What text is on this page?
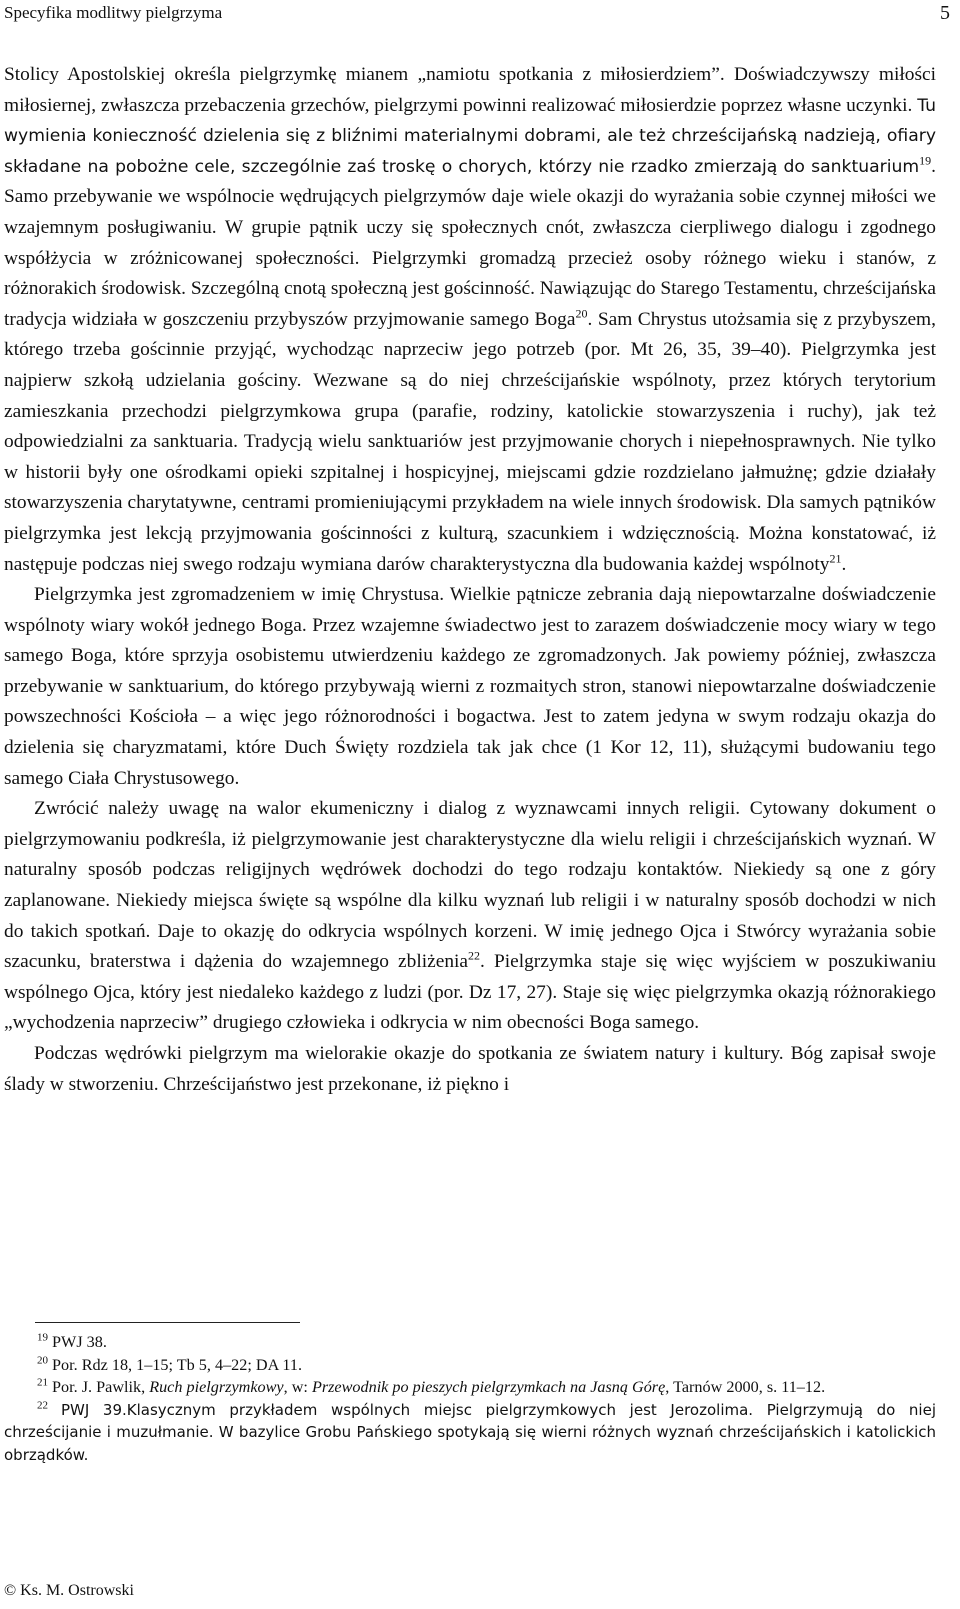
Specyfika modlitwy pielgrzyma	5

Stolicy Apostolskiej określa pielgrzymkę mianem „namiotu spotkania z miłosierdziem”. Doświadczywszy miłości miłosiernej, zwłaszcza przebaczenia grzechów, pielgrzymi powinni realizować miłosierdzie poprzez własne uczynki. Tu wymienia konieczność dzielenia się z bliźnimi materialnymi dobrami, ale też chrześcijańską nadzieją, ofiary składane na pobożne cele, szczególnie zaś troskę o chorych, którzy nie rzadko zmierzają do sanktuarium$^{19}$. Samo przebywanie we wspólnocie wędrujących pielgrzymów daje wiele okazji do wyrażania sobie czynnej miłości we wzajemnym posługiwaniu. W grupie pątnik uczy się społecznych cnót, zwłaszcza cierpliwego dialogu i zgodnego współżycia w zróżnicowanej społeczności. Pielgrzymki gromadzą przecież osoby różnego wieku i stanów, z różnorakich środowisk. Szczególną cnotą społeczną jest gościnność. Nawiązując do Starego Testamentu, chrześcijańska tradycja widziała w goszczeniu przybyszów przyjmowanie samego Boga$^{20}$. Sam Chrystus utożsamia się z przybyszem, którego trzeba gościnnie przyjąć, wychodząc naprzeciw jego potrzeb (por. Mt 26, 35, 39–40). Pielgrzymka jest najpierw szkołą udzielania gościny. Wezwane są do niej chrześcijańskie wspólnoty, przez których terytorium zamieszkania przechodzi pielgrzymkowa grupa (parafie, rodziny, katolickie stowarzyszenia i ruchy), jak też odpowiedzialni za sanktuaria. Tradycją wielu sanktuariów jest przyjmowanie chorych i niepełnosprawnych. Nie tylko w historii były one ośrodkami opieki szpitalnej i hospicyjnej, miejscami gdzie rozdzielano jałmużnę; gdzie działały stowarzyszenia charytatywne, centrami promieniującymi przykładem na wiele innych środowisk. Dla samych pątników pielgrzymka jest lekcją przyjmowania gościnności z kulturą, szacunkiem i wdzięcznością. Można konstatować, iż następuje podczas niej swego rodzaju wymiana darów charakterystyczna dla budowania każdej wspólnoty$^{21}$.

Pielgrzymka jest zgromadzeniem w imię Chrystusa. Wielkie pątnicze zebrania dają niepowtarzalne doświadczenie wspólnoty wiary wokół jednego Boga. Przez wzajemne świadectwo jest to zarazem doświadczenie mocy wiary w tego samego Boga, które sprzyja osobistemu utwierdzeniu każdego ze zgromadzonych. Jak powiemy później, zwłaszcza przebywanie w sanktuarium, do którego przybywają wierni z rozmaitych stron, stanowi niepowtarzalne doświadczenie powszechności Kościoła – a więc jego różnorodności i bogactwa. Jest to zatem jedyna w swym rodzaju okazja do dzielenia się charyzmatami, które Duch Święty rozdziela tak jak chce (1 Kor 12, 11), służącymi budowaniu tego samego Ciała Chrystusowego.

Zwrócić należy uwagę na walor ekumeniczny i dialog z wyznawcami innych religii. Cytowany dokument o pielgrzymowaniu podkreśla, iż pielgrzymowanie jest charakterystyczne dla wielu religii i chrześcijańskich wyznań. W naturalny sposób podczas religijnych wędrówek dochodzi do tego rodzaju kontaktów. Niekiedy są one z góry zaplanowane. Niekiedy miejsca święte są wspólne dla kilku wyznań lub religii i w naturalny sposób dochodzi w nich do takich spotkań. Daje to okazję do odkrycia wspólnych korzeni. W imię jednego Ojca i Stwórcy wyrażania sobie szacunku, braterstwa i dążenia do wzajemnego zbliżenia$^{22}$. Pielgrzymka staje się więc wyjściem w poszukiwaniu wspólnego Ojca, który jest niedaleko każdego z ludzi (por. Dz 17, 27). Staje się więc pielgrzymka okazją różnorakiego „wychodzenia naprzeciw” drugiego człowieka i odkrycia w nim obecności Boga samego.

Podczas wędrówki pielgrzym ma wielorakie okazje do spotkania ze światem natury i kultury. Bóg zapisał swoje ślady w stworzeniu. Chrześcijaństwo jest przekonane, iż piękno i

$^{19}$ PWJ 38.

$^{20}$ Por. Rdz 18, 1–15; Tb 5, 4–22; DA 11.

$^{21}$ Por. J. Pawlik, Ruch pielgrzymkowy, w: Przewodnik po pieszych pielgrzymkach na Jasną Górę, Tarnów 2000, s. 11–12.

$^{22}$ PWJ 39.Klasycznym przykładem wspólnych miejsc pielgrzymkowych jest Jerozolima. Pielgrzymują do niej chrześcijanie i muzułmanie. W bazylice Grobu Pańskiego spotykają się wierni różnych wyznań chrześcijańskich i katolickich obrządków.

© Ks. M. Ostrowski
